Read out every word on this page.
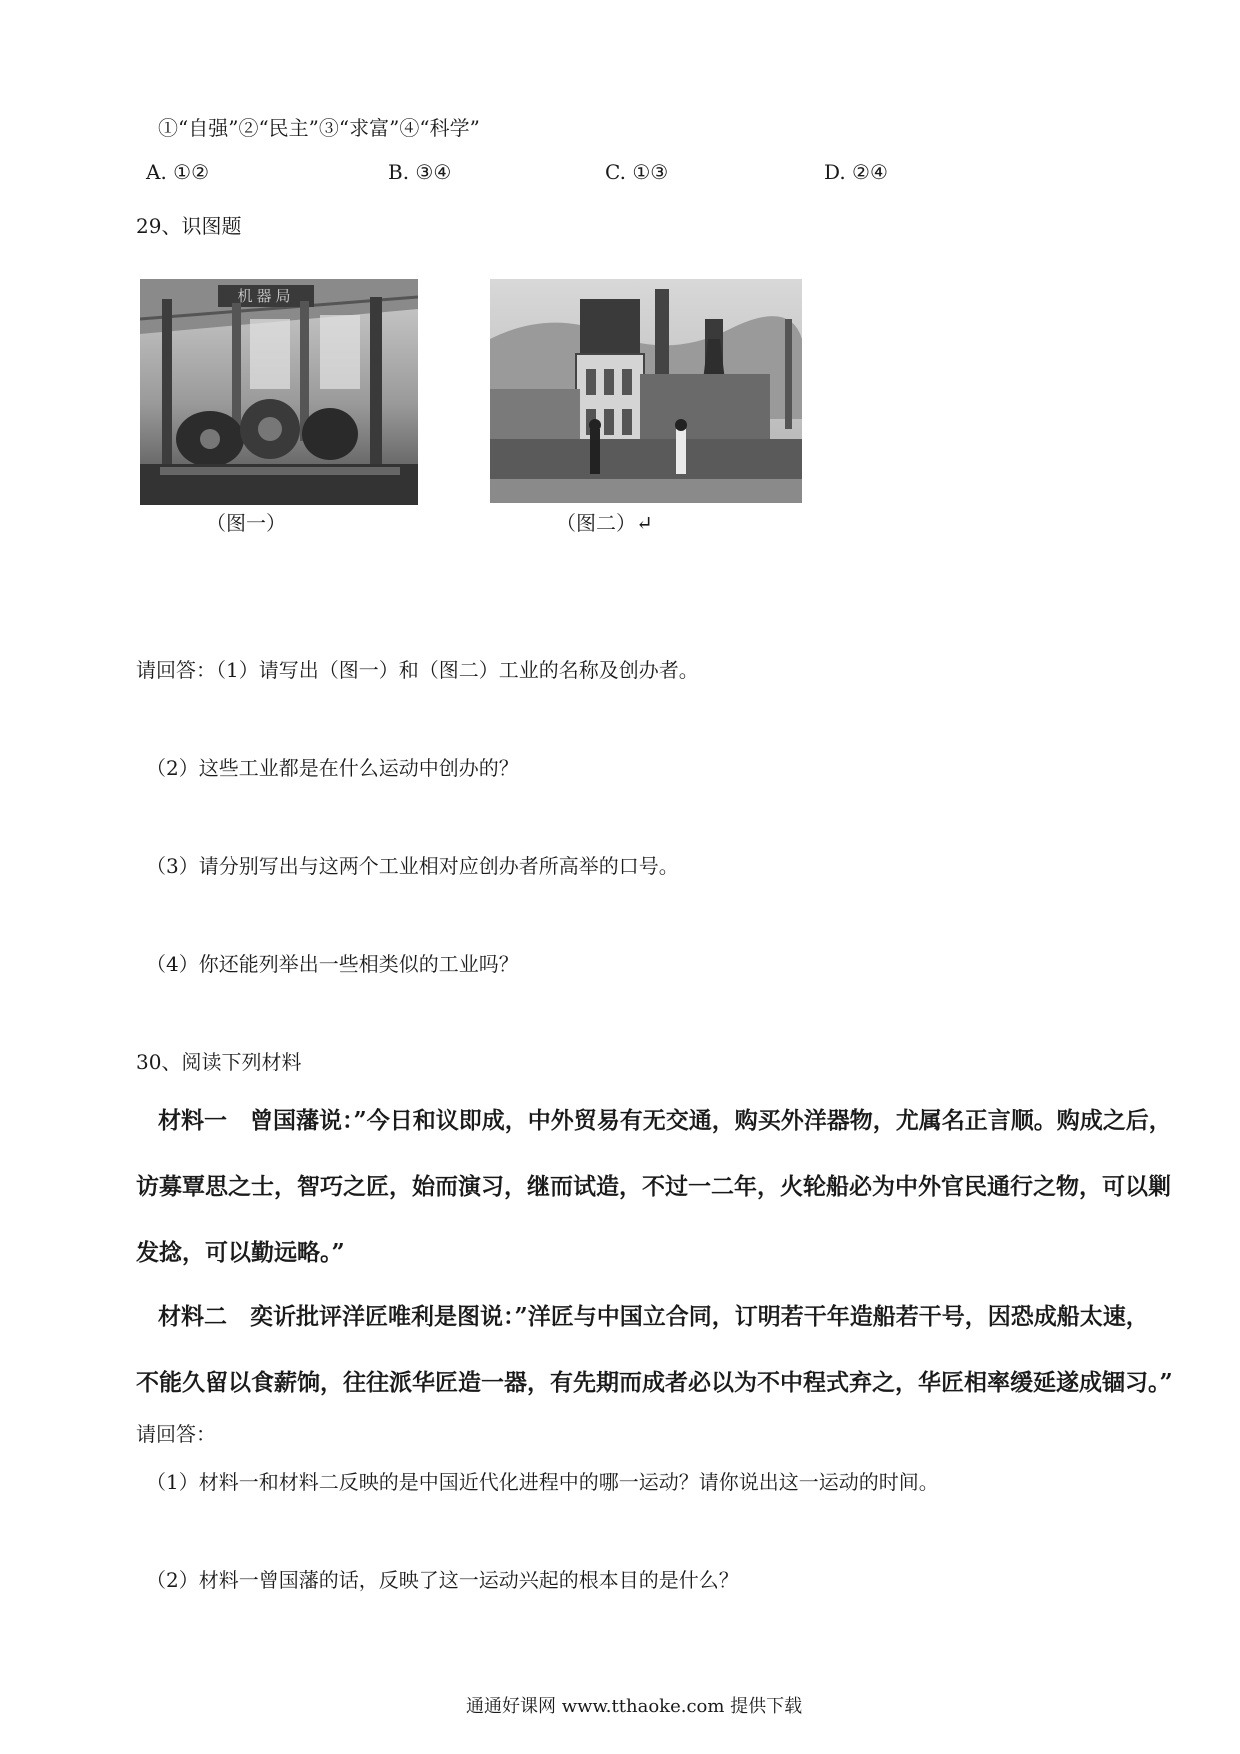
①“自强”②“民主”③“求富”④“科学”
A. ①②	B. ③④	C. ①③	D. ②④
29、识图题
机器局
（图一）	（图二）↵
请回答：（1）请写出（图一）和（图二）工业的名称及创办者。
（2）这些工业都是在什么运动中创办的？
（3）请分别写出与这两个工业相对应创办者所高举的口号。
（4）你还能列举出一些相类似的工业吗？
30、阅读下列材料
材料一　曾国藩说：”今日和议即成，中外贸易有无交通，购买外洋器物，尤属名正言顺。购成之后，
访募覃思之士，智巧之匠，始而演习，继而试造，不过一二年，火轮船必为中外官民通行之物，可以剿
发捻，可以勤远略。”
材料二　奕䜣批评洋匠唯利是图说：”洋匠与中国立合同，订明若干年造船若干号，因恐成船太速，
不能久留以食薪饷，往往派华匠造一器，有先期而成者必以为不中程式弃之，华匠相率缓延遂成锢习。”
请回答：
（1）材料一和材料二反映的是中国近代化进程中的哪一运动？请你说出这一运动的时间。
（2）材料一曾国藩的话，反映了这一运动兴起的根本目的是什么？
通通好课网 www.tthaoke.com 提供下载
